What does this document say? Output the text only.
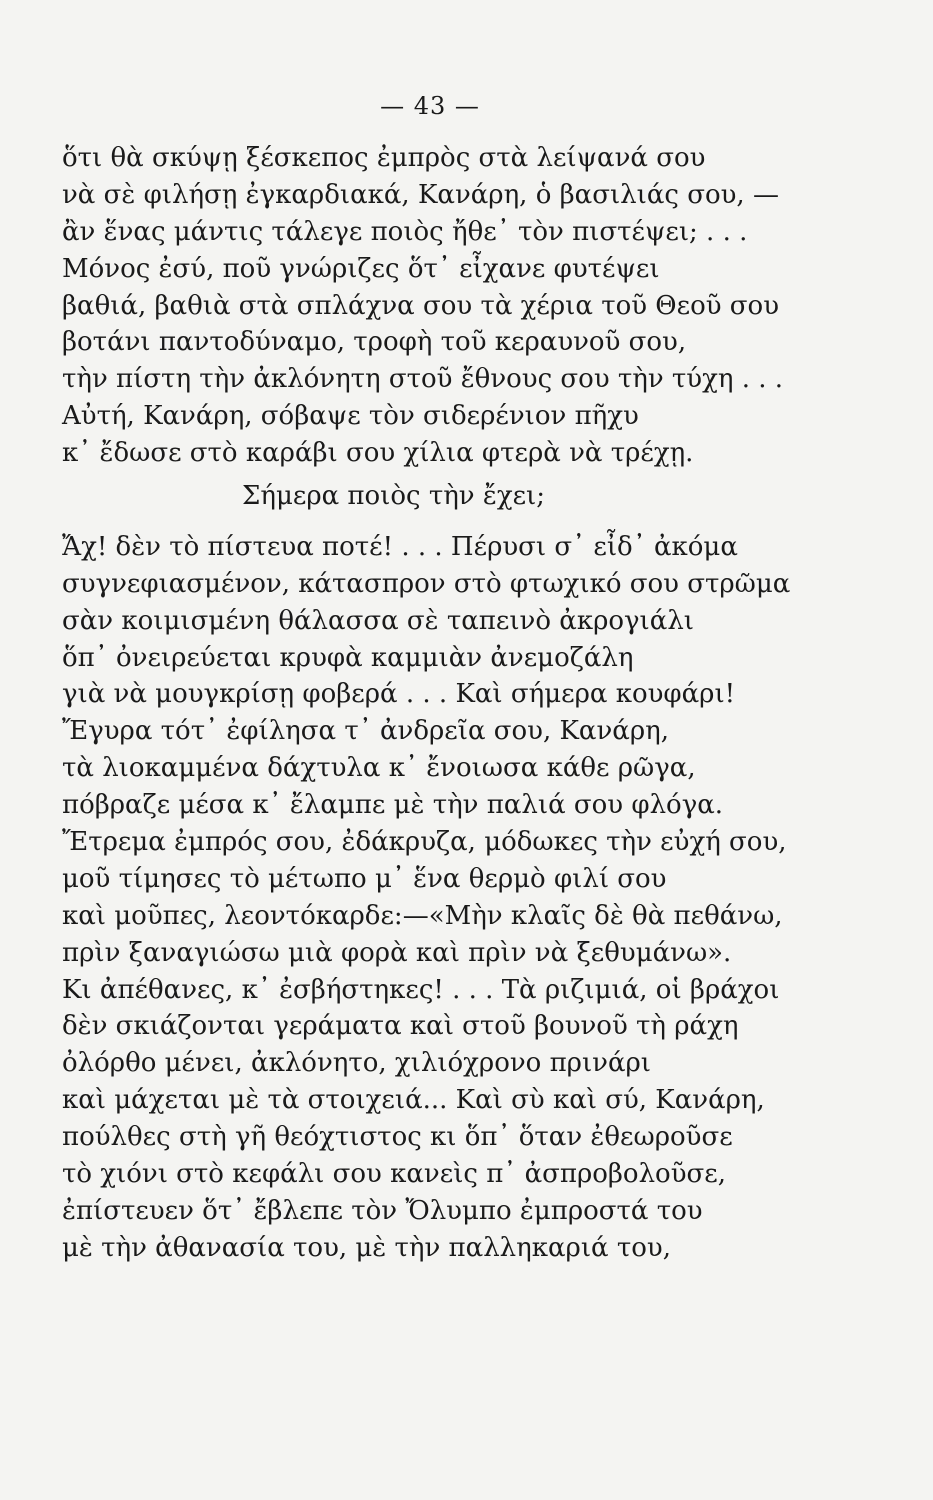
— 43 —
ὅτι θὰ σκύψῃ ξέσκεπος ἐμπρὸς στὰ λείψανά σου
νὰ σὲ φιλήσῃ ἐγκαρδιακά, Κανάρη, ὁ βασιλιάς σου, —
ἂν ἕνας μάντις τάλεγε ποιὸς ἤθε᾽ τὸν πιστέψει; . . .
Μόνος ἐσύ, ποῦ γνώριζες ὅτ᾽ εἶχανε φυτέψει
βαθιά, βαθιὰ στὰ σπλάχνα σου τὰ χέρια τοῦ Θεοῦ σου
βοτάνι παντοδύναμο, τροφὴ τοῦ κεραυνοῦ σου,
τὴν πίστη τὴν ἀκλόνητη στοῦ ἔθνους σου τὴν τύχη . . .
Αὐτή, Κανάρη, σόβαψε τὸν σιδερένιον πῆχυ
κ᾽ ἔδωσε στὸ καράβι σου χίλια φτερὰ νὰ τρέχῃ.
Σήμερα ποιὸς τὴν ἔχει;
Ἄχ! δὲν τὸ πίστευα ποτέ! . . . Πέρυσι σ᾽ εἶδ᾽ ἀκόμα
συγνεφιασμένον, κάτασπρον στὸ φτωχικό σου στρῶμα
σὰν κοιμισμένη θάλασσα σὲ ταπεινὸ ἀκρογιάλι
ὅπ᾽ ὀνειρεύεται κρυφὰ καμμιὰν ἀνεμοζάλη
γιὰ νὰ μουγκρίσῃ φοβερά . . . Καὶ σήμερα κουφάρι!
Ἔγυρα τότ᾽ ἐφίλησα τ᾽ ἀνδρεῖα σου, Κανάρη,
τὰ λιοκαμμένα δάχτυλα κ᾽ ἔνοιωσα κάθε ρῶγα,
πόβραζε μέσα κ᾽ ἔλαμπε μὲ τὴν παλιά σου φλόγα.
Ἔτρεμα ἐμπρός σου, ἐδάκρυζα, μόδωκες τὴν εὐχή σου,
μοῦ τίμησες τὸ μέτωπο μ᾽ ἕνα θερμὸ φιλί σου
καὶ μοῦπες, λεοντόκαρδε:—«Μὴν κλαῖς δὲ θὰ πεθάνω,
πρὶν ξαναγιώσω μιὰ φορὰ καὶ πρὶν νὰ ξεθυμάνω».
Κι ἀπέθανες, κ᾽ ἐσβήστηκες! . . . Τὰ ριζιμιά, οἱ βράχοι
δὲν σκιάζονται γεράματα καὶ στοῦ βουνοῦ τὴ ράχη
ὀλόρθο μένει, ἀκλόνητο, χιλιόχρονο πρινάρι
καὶ μάχεται μὲ τὰ στοιχειά... Καὶ σὺ καὶ σύ, Κανάρη,
πούλθες στὴ γῆ θεόχτιστος κι ὅπ᾽ ὅταν ἐθεωροῦσε
τὸ χιόνι στὸ κεφάλι σου κανεὶς π᾽ ἀσπροβολοῦσε,
ἐπίστευεν ὅτ᾽ ἔβλεπε τὸν Ὄλυμπο ἐμπροστά του
μὲ τὴν ἀθανασία του, μὲ τὴν παλληκαριά του,
